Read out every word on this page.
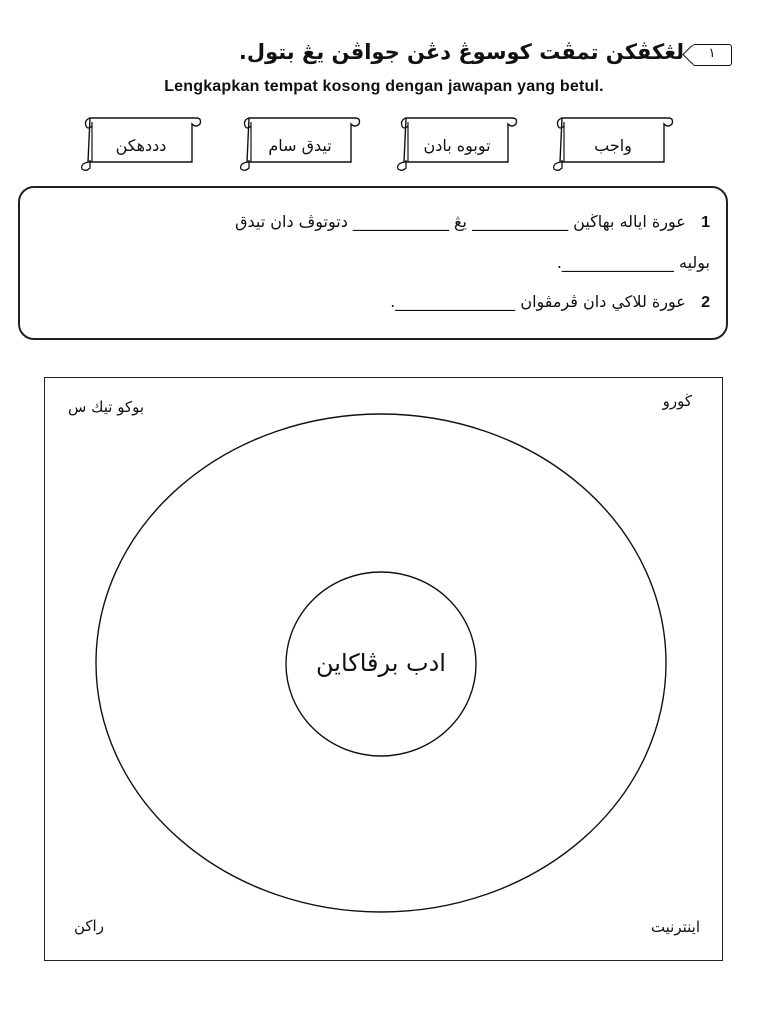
١
لڠكڤكن تمڤت كوسوڠ دڠن جواڤن يڠ بتول.
Lengkapkan tempat kosong dengan jawapan yang betul.
واجب
توبوه بادن
تيدق سام
دددهكن
1   عورة اياله بهاڬين ____________ يڠ ____________ دتوتوڤ دان تيدق
بوليه ______________.
2   عورة للاكي دان ڤرمڤوان _______________.
ادب برڤاكاين
بوكو تيك س	ڬورو
راكن	اينترنيت
